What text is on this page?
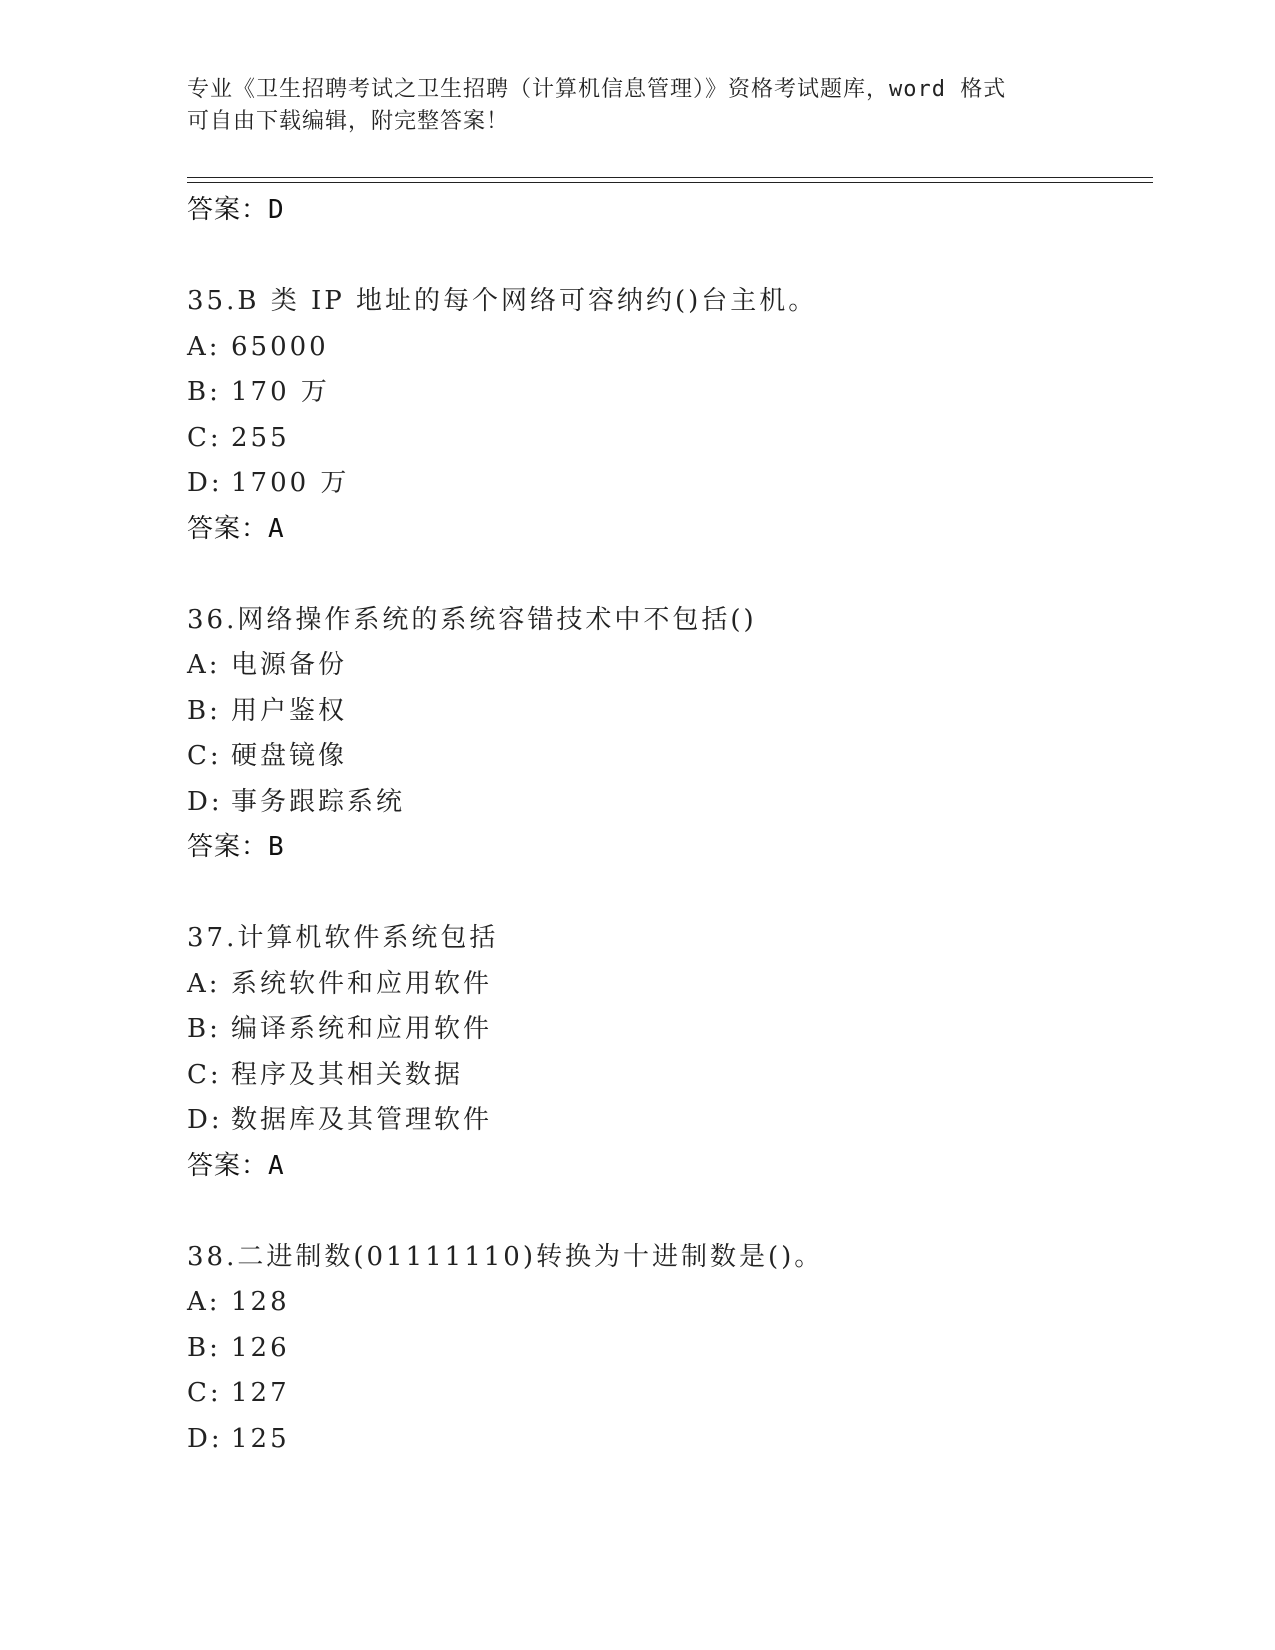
专业《卫生招聘考试之卫生招聘（计算机信息管理）》资格考试题库，word 格式
可自由下载编辑，附完整答案！
答案：D
35.B 类 IP 地址的每个网络可容纳约()台主机。
A: 65000
B: 170 万
C: 255
D: 1700 万
答案：A
36.网络操作系统的系统容错技术中不包括()
A: 电源备份
B: 用户鉴权
C: 硬盘镜像
D: 事务跟踪系统
答案：B
37.计算机软件系统包括
A: 系统软件和应用软件
B: 编译系统和应用软件
C: 程序及其相关数据
D: 数据库及其管理软件
答案：A
38.二进制数(01111110)转换为十进制数是()。
A: 128
B: 126
C: 127
D: 125
